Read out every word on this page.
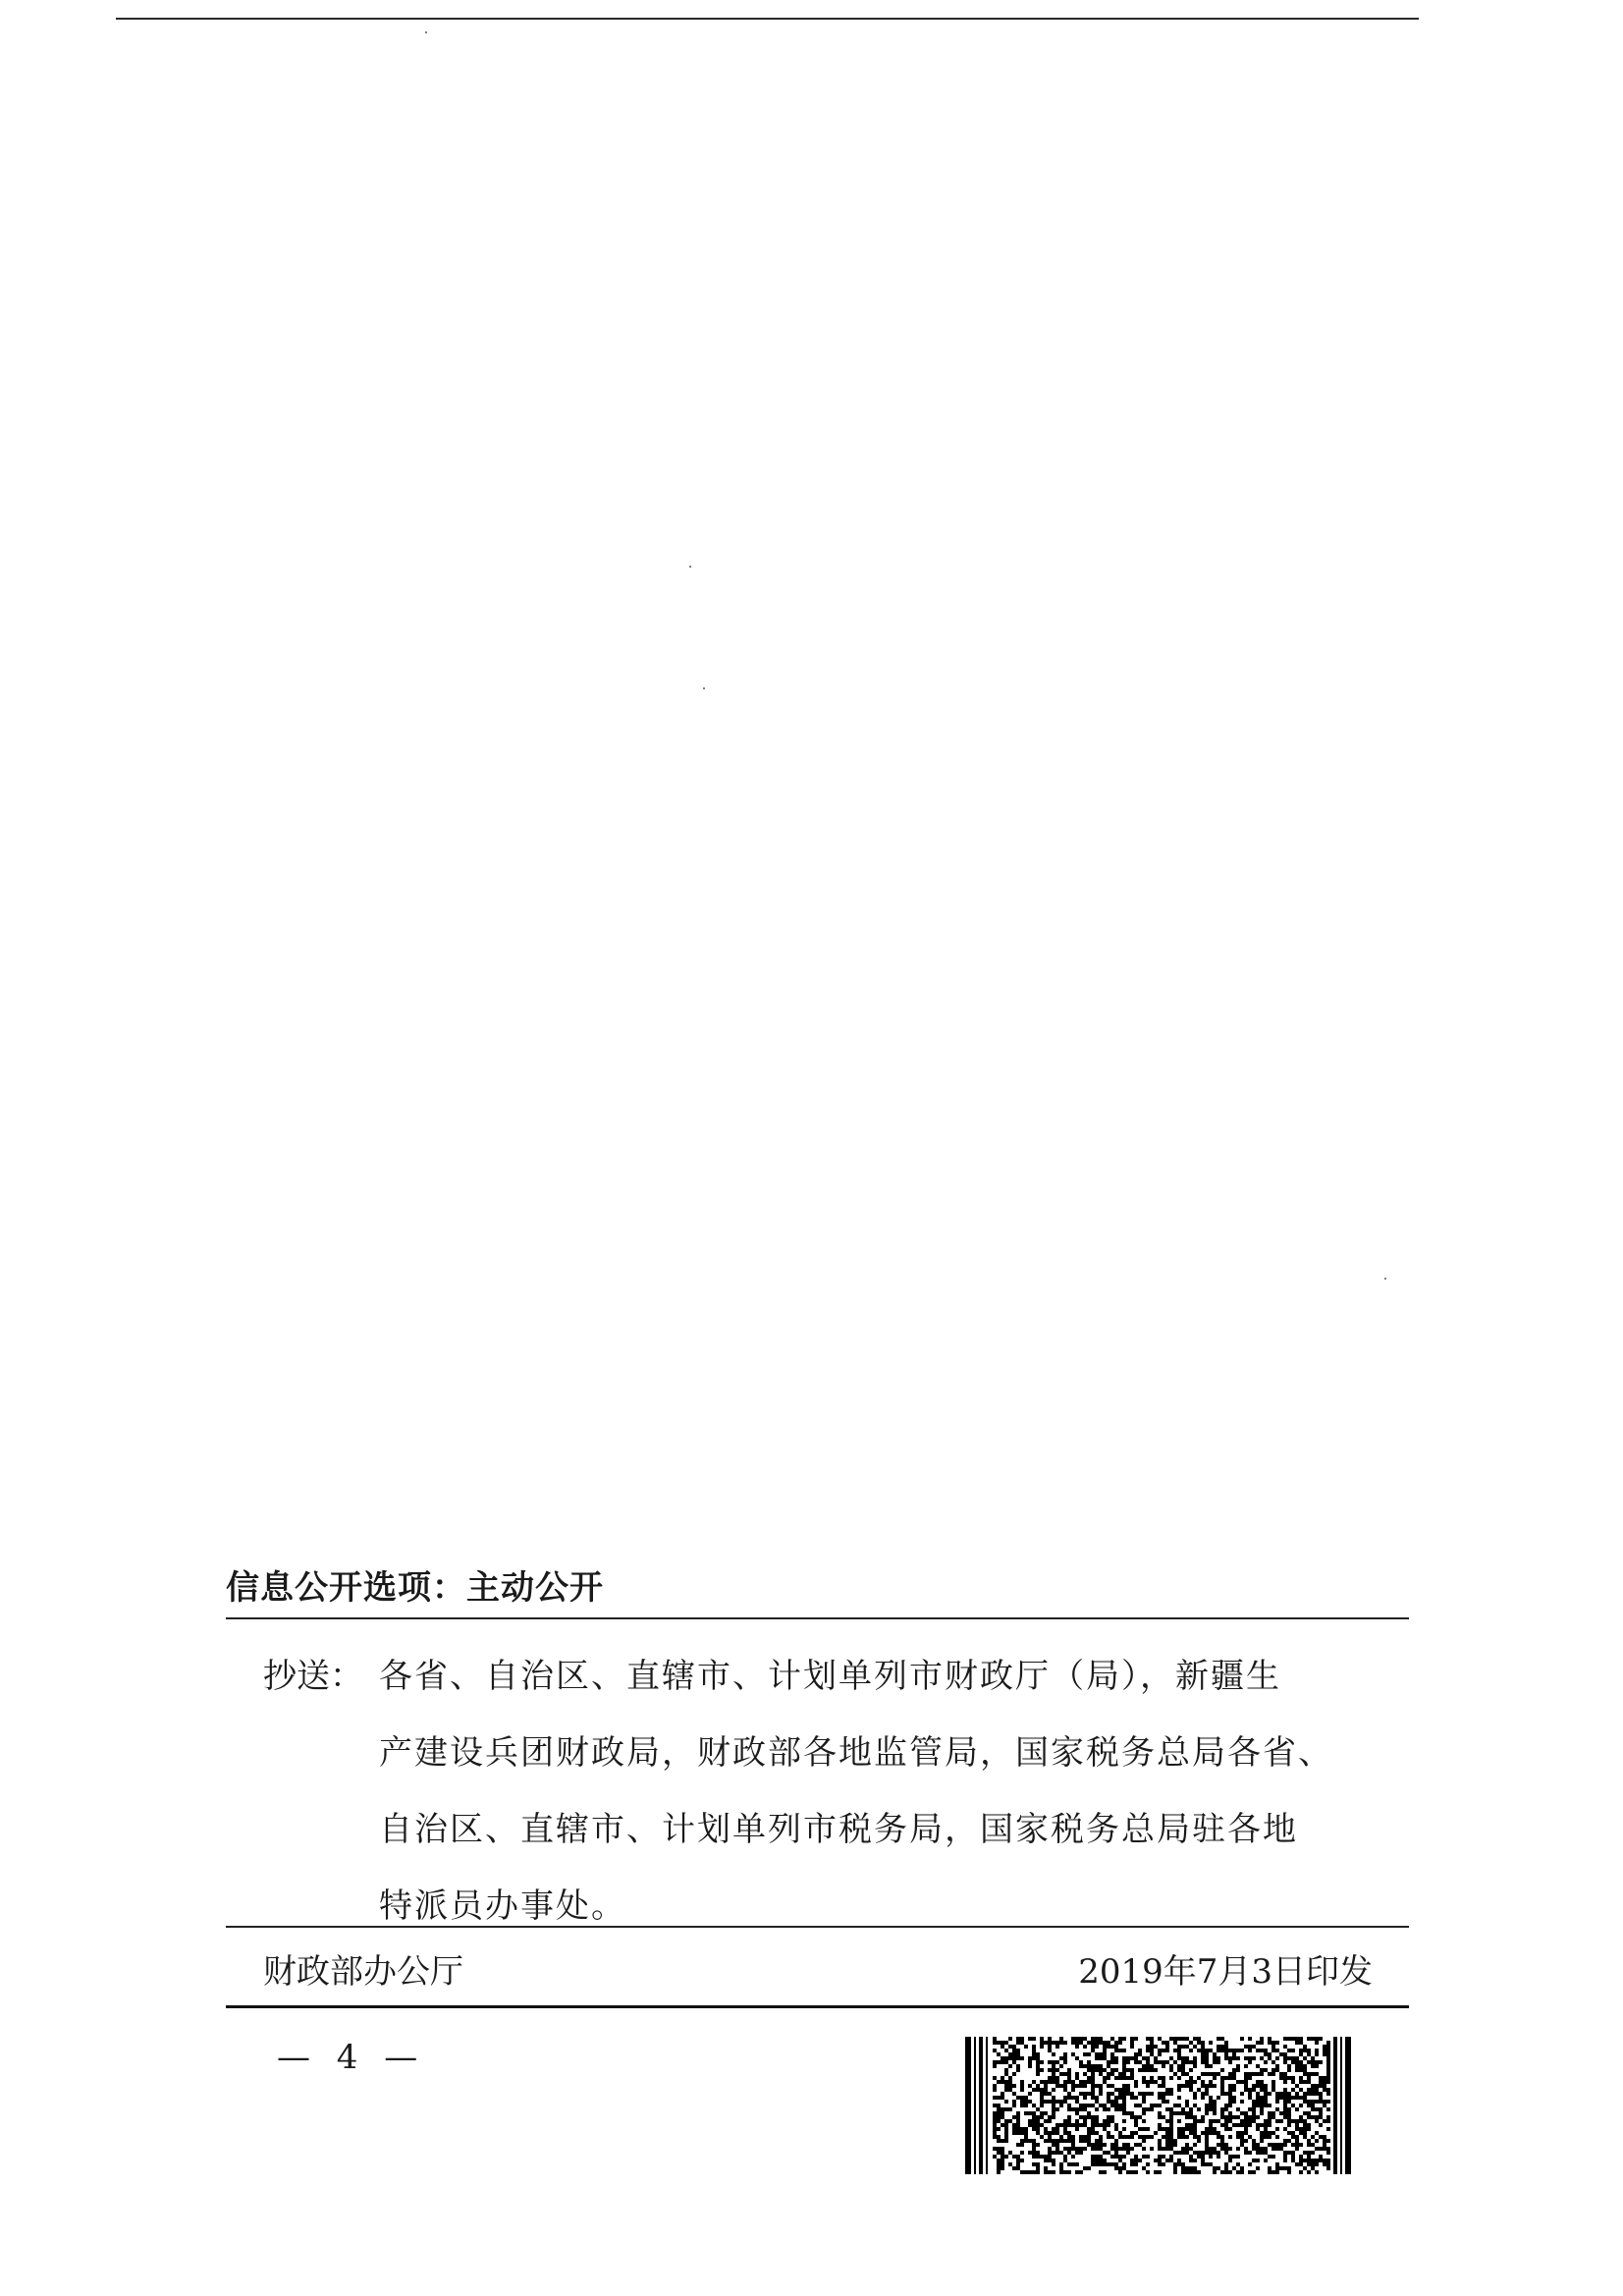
信息公开选项：主动公开
抄送： 各省、自治区、直辖市、计划单列市财政厅（局），新疆生
产建设兵团财政局，财政部各地监管局，国家税务总局各省、
自治区、直辖市、计划单列市税务局，国家税务总局驻各地
特派员办事处。
财政部办公厅	2019年7月3日印发
— 4 —
